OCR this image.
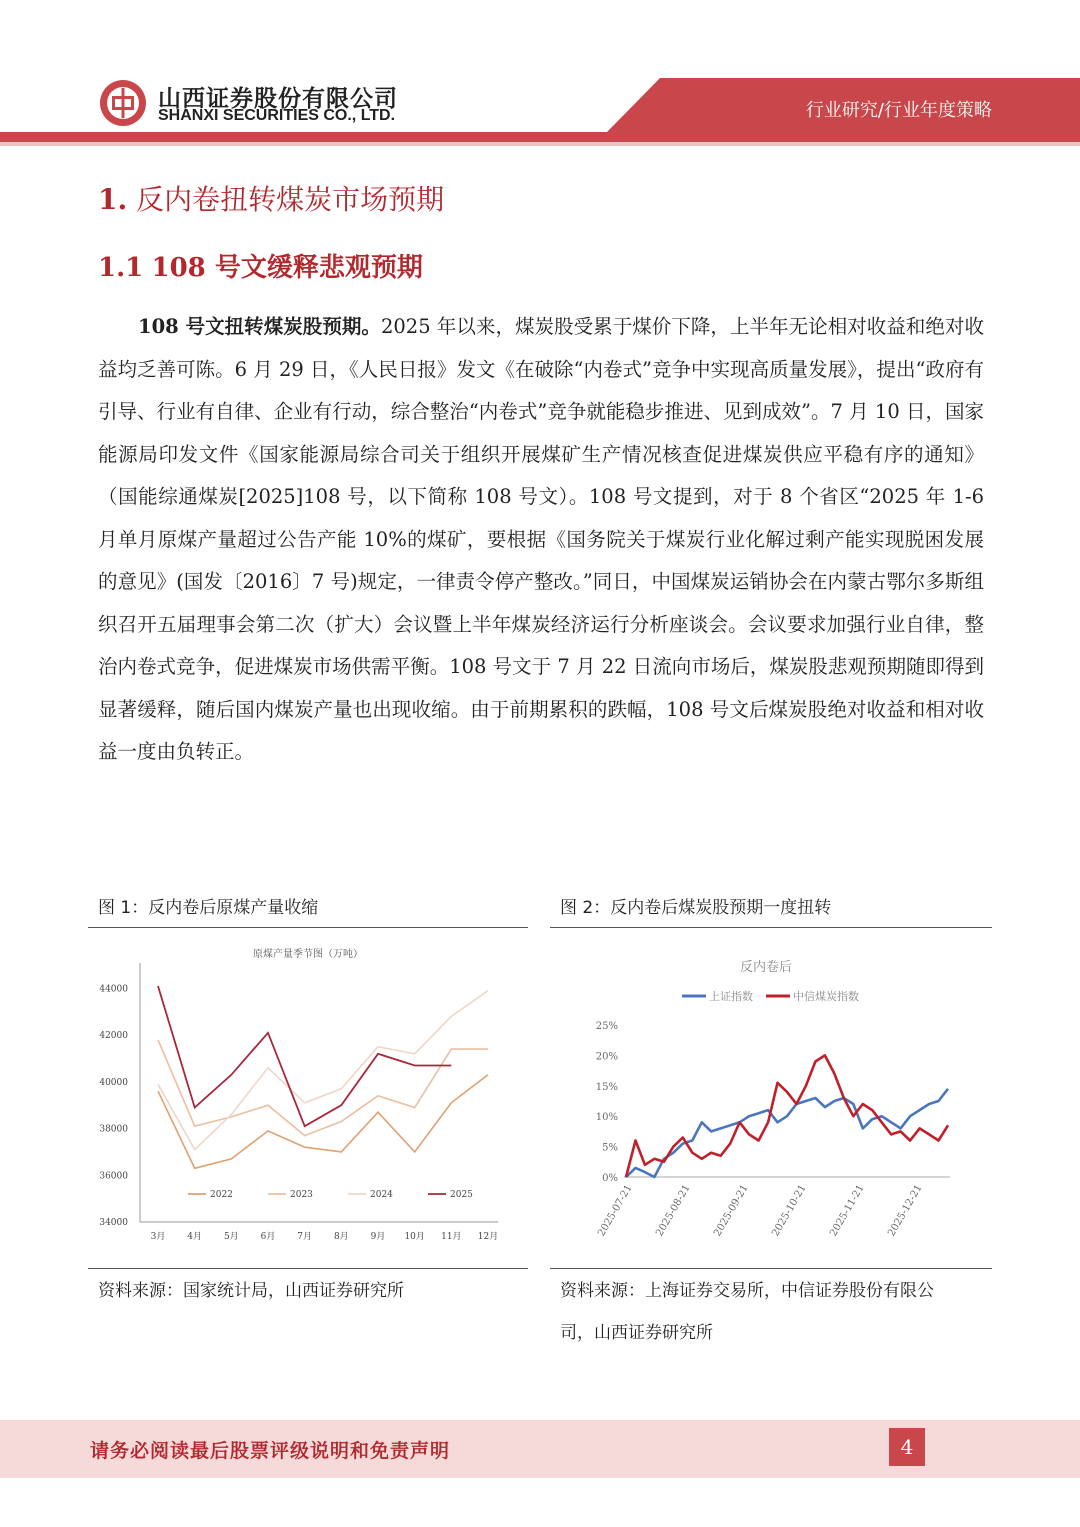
山西证券股份有限公司
SHANXI SECURITIES CO., LTD.	行业研究/行业年度策略
1. 反内卷扭转煤炭市场预期
1.1 108 号文缓释悲观预期
108 号文扭转煤炭股预期。2025 年以来，煤炭股受累于煤价下降，上半年无论相对收益和绝对收益均乏善可陈。6 月 29 日，《人民日报》发文《在破除“内卷式”竞争中实现高质量发展》，提出“政府有引导、行业有自律、企业有行动，综合整治“内卷式”竞争就能稳步推进、见到成效”。7 月 10 日，国家能源局印发文件《国家能源局综合司关于组织开展煤矿生产情况核查促进煤炭供应平稳有序的通知》（国能综通煤炭[2025]108 号，以下简称 108 号文）。108 号文提到，对于 8 个省区“2025 年 1-6 月单月原煤产量超过公告产能 10%的煤矿，要根据《国务院关于煤炭行业化解过剩产能实现脱困发展的意见》(国发〔2016〕7 号)规定，一律责令停产整改。”同日，中国煤炭运销协会在内蒙古鄂尔多斯组织召开五届理事会第二次（扩大）会议暨上半年煤炭经济运行分析座谈会。会议要求加强行业自律，整治内卷式竞争，促进煤炭市场供需平衡。108 号文于 7 月 22 日流向市场后，煤炭股悲观预期随即得到显著缓释，随后国内煤炭产量也出现收缩。由于前期累积的跌幅，108 号文后煤炭股绝对收益和相对收益一度由负转正。
图 1：反内卷后原煤产量收缩
原煤产量季节图（万吨）
34000
36000
38000
40000
42000
44000
3月 4月 5月 6月 7月 8月 9月 10月 11月 12月
2022	2023	2024	2025
资料来源：国家统计局，山西证券研究所
图 2：反内卷后煤炭股预期一度扭转
反内卷后
0%
5%
10%
15%
20%
25%
2025-07-21 2025-08-21 2025-09-21 2025-10-21 2025-11-21 2025-12-21
上证指数	中信煤炭指数
资料来源：上海证券交易所，中信证券股份有限公
司，山西证券研究所
请务必阅读最后股票评级说明和免责声明	4
